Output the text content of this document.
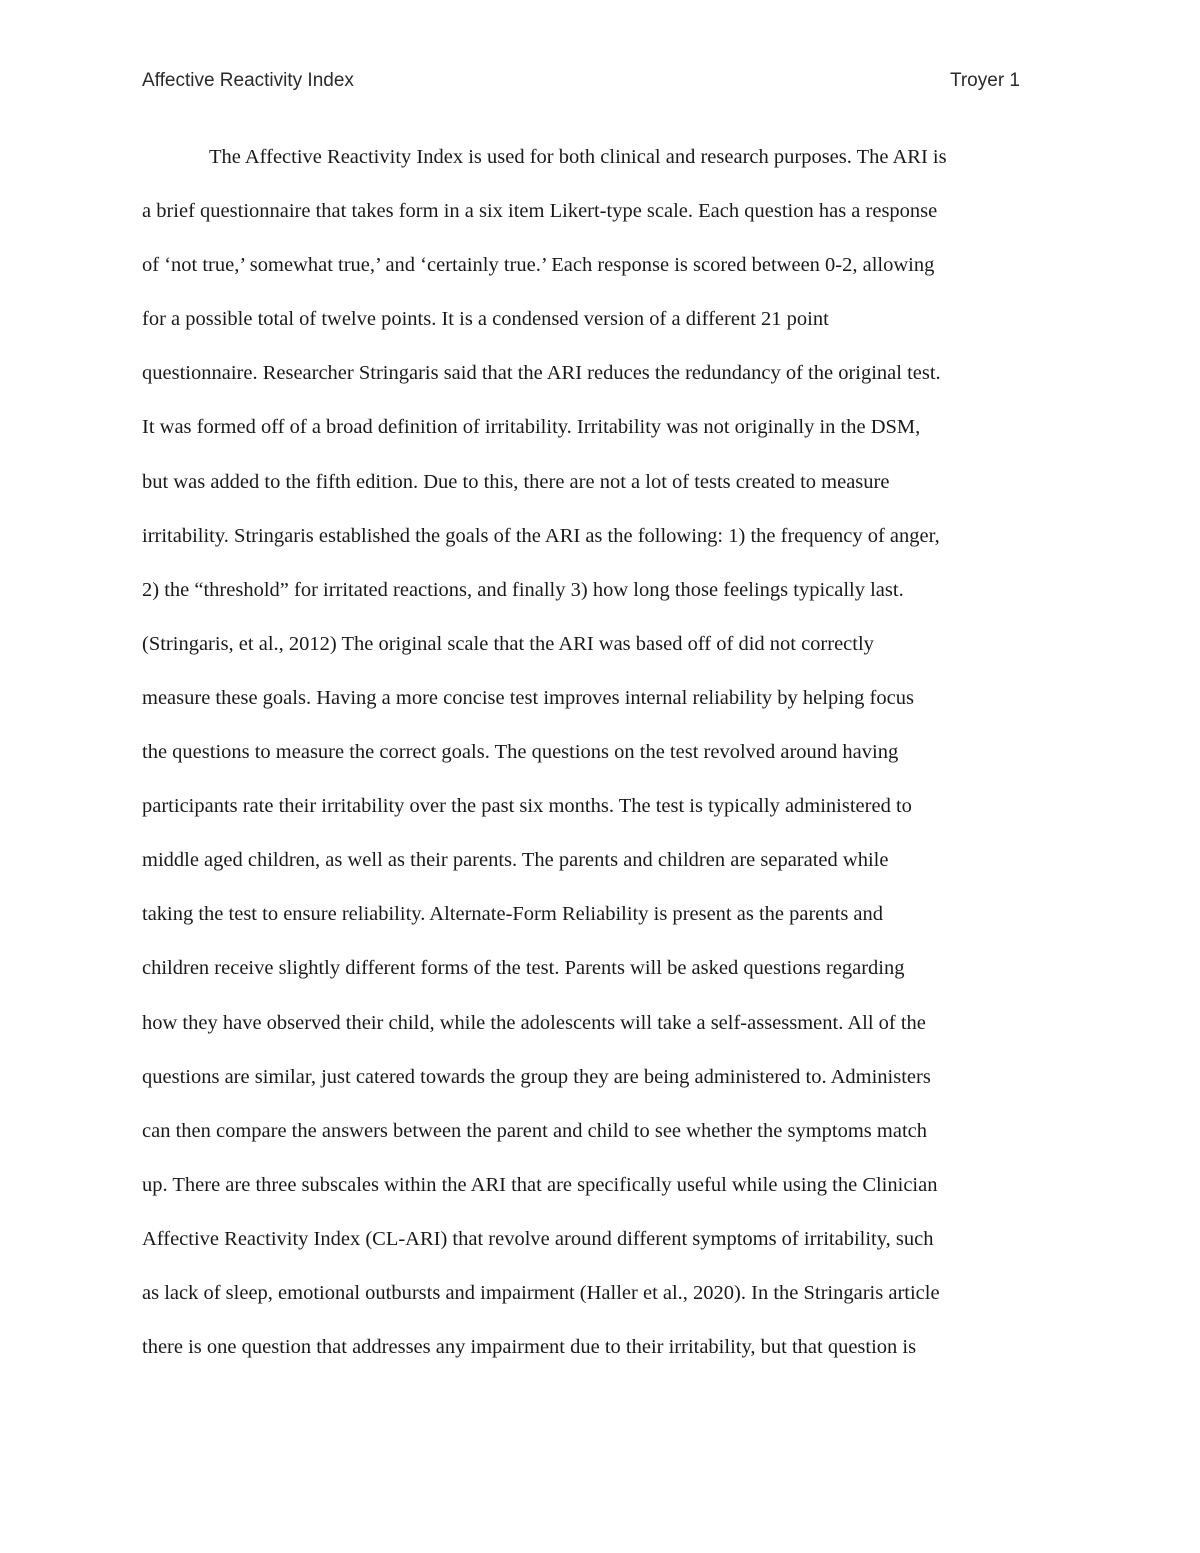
Affective Reactivity Index	Troyer 1
The Affective Reactivity Index is used for both clinical and research purposes. The ARI is
a brief questionnaire that takes form in a six item Likert-type scale. Each question has a response
of ‘not true,’ somewhat true,’ and ‘certainly true.’ Each response is scored between 0-2, allowing
for a possible total of twelve points. It is a condensed version of a different 21 point
questionnaire. Researcher Stringaris said that the ARI reduces the redundancy of the original test.
It was formed off of a broad definition of irritability. Irritability was not originally in the DSM,
but was added to the fifth edition. Due to this, there are not a lot of tests created to measure
irritability. Stringaris established the goals of the ARI as the following: 1) the frequency of anger,
2) the “threshold” for irritated reactions, and finally 3) how long those feelings typically last.
(Stringaris, et al., 2012) The original scale that the ARI was based off of did not correctly
measure these goals. Having a more concise test improves internal reliability by helping focus
the questions to measure the correct goals. The questions on the test revolved around having
participants rate their irritability over the past six months. The test is typically administered to
middle aged children, as well as their parents. The parents and children are separated while
taking the test to ensure reliability. Alternate-Form Reliability is present as the parents and
children receive slightly different forms of the test. Parents will be asked questions regarding
how they have observed their child, while the adolescents will take a self-assessment. All of the
questions are similar, just catered towards the group they are being administered to. Administers
can then compare the answers between the parent and child to see whether the symptoms match
up. There are three subscales within the ARI that are specifically useful while using the Clinician
Affective Reactivity Index (CL-ARI) that revolve around different symptoms of irritability, such
as lack of sleep, emotional outbursts and impairment (Haller et al., 2020). In the Stringaris article
there is one question that addresses any impairment due to their irritability, but that question is
